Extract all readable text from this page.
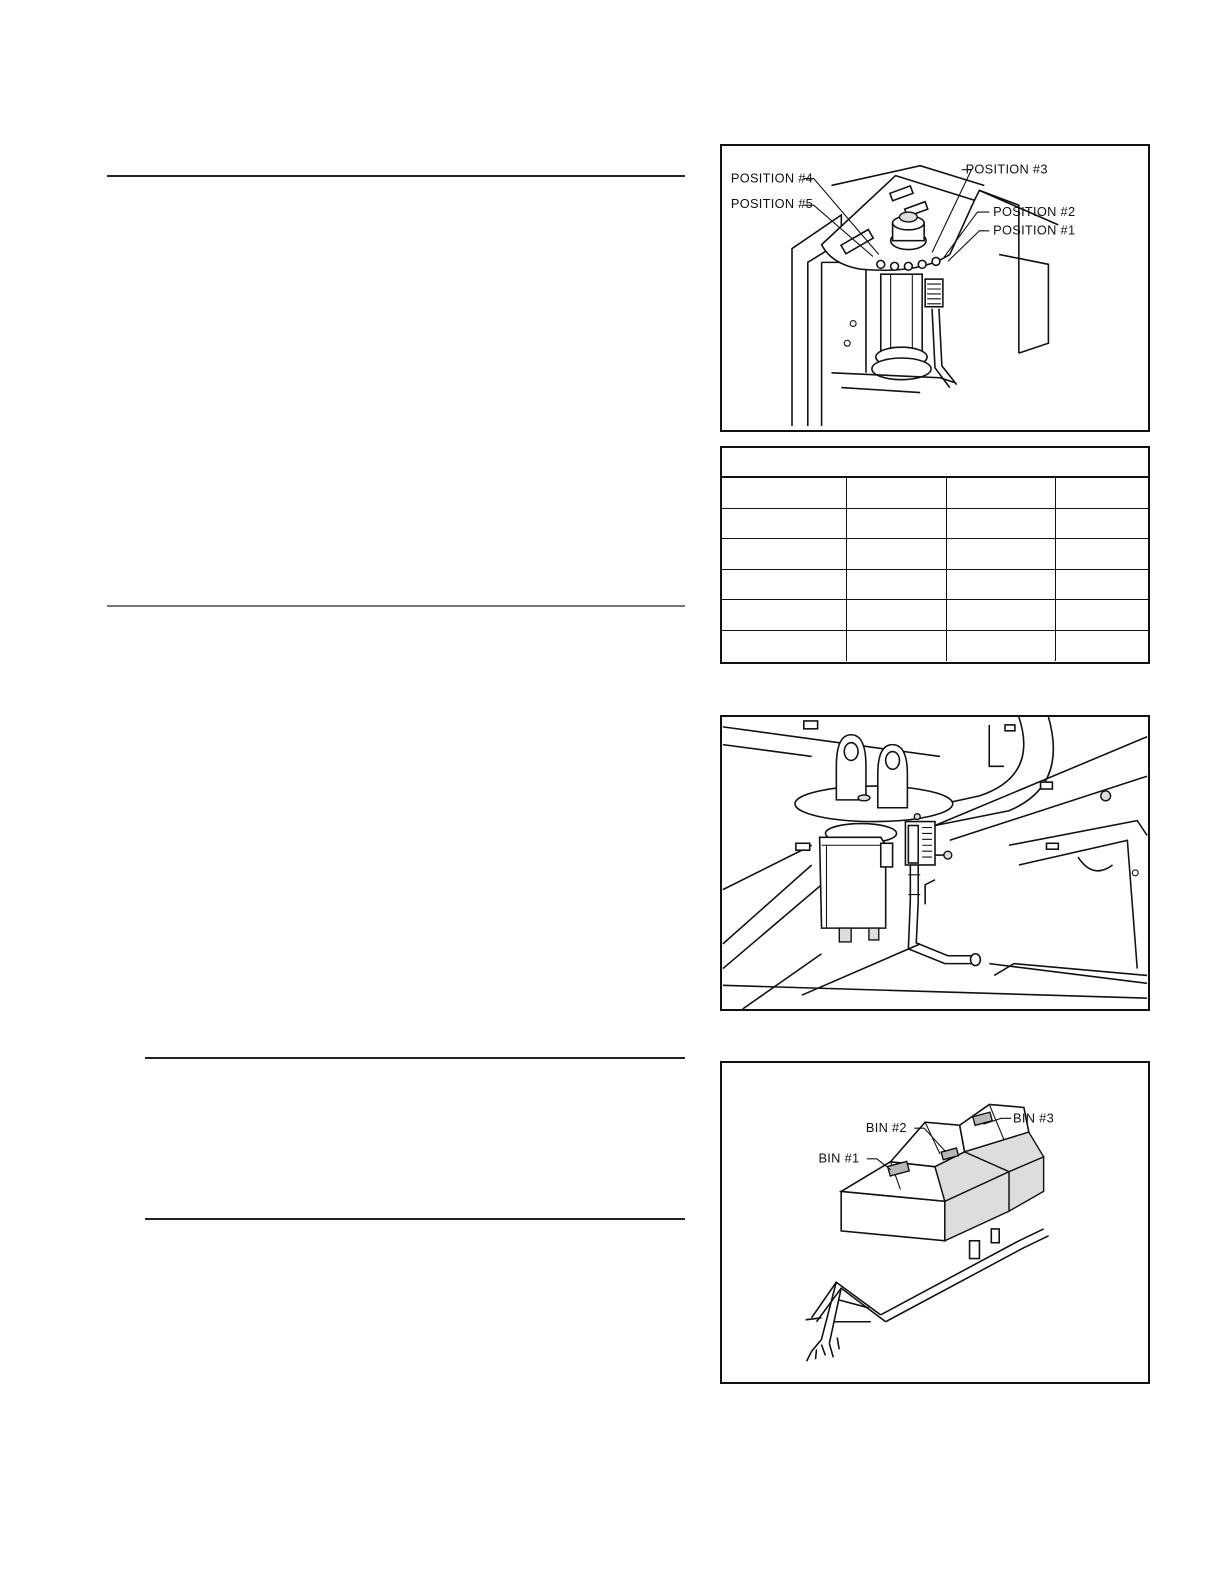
POSITION #4
POSITION #5
POSITION #3
POSITION #2
POSITION #1
BIN #1
BIN #2
BIN #3
